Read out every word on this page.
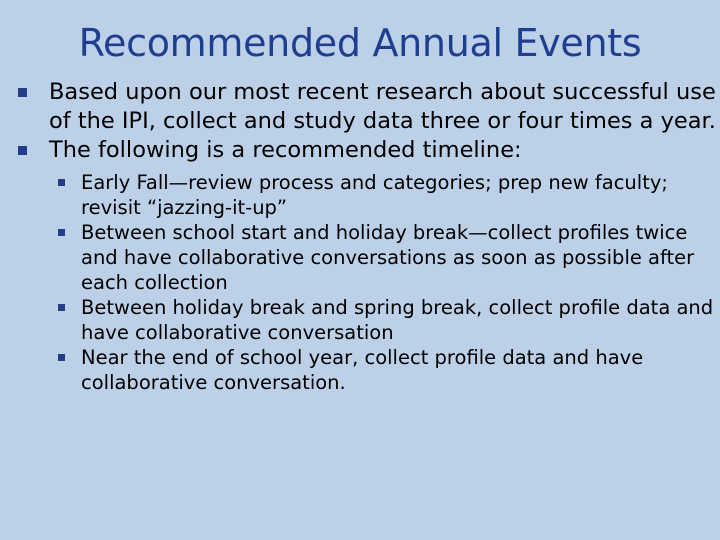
Recommended Annual Events
Based upon our most recent research about successful use of the IPI, collect and study data three or four times a year.
The following is a recommended timeline:
Early Fall—review process and categories; prep new faculty; revisit “jazzing-it-up”
Between school start and holiday break—collect profiles twice and have collaborative conversations as soon as possible after each collection
Between holiday break and spring break, collect profile data and have collaborative conversation
Near the end of school year, collect profile data and have collaborative conversation.
